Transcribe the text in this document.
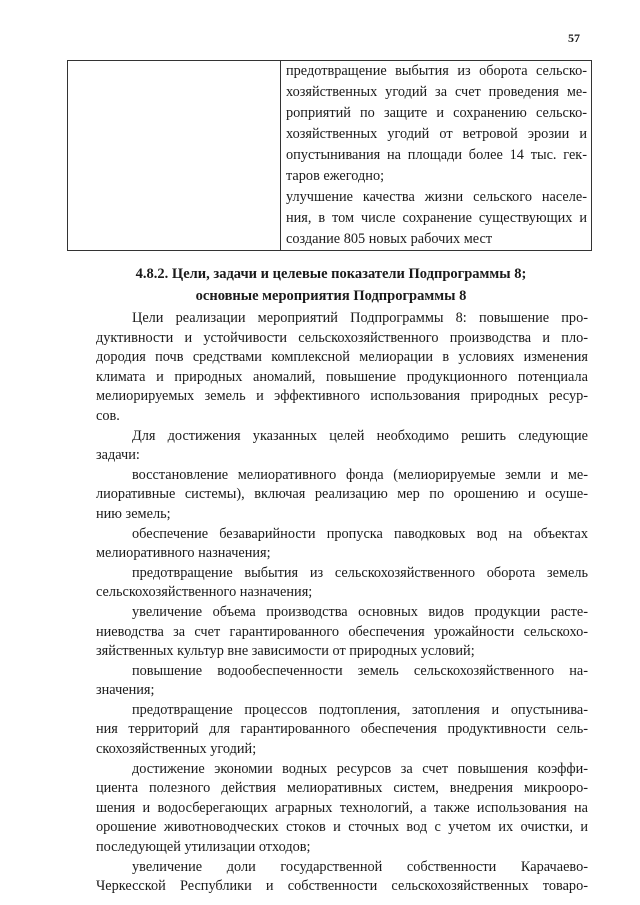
57

предотвращение выбытия из оборота сельско-
хозяйственных угодий за счет проведения ме-
роприятий по защите и сохранению сельско-
хозяйственных угодий от ветровой эрозии и
опустынивания на площади более 14 тыс. гек-
таров ежегодно;
улучшение качества жизни сельского населе-
ния, в том числе сохранение существующих и
создание 805 новых рабочих мест
4.8.2. Цели, задачи и целевые показатели Подпрограммы 8;
основные мероприятия Подпрограммы 8
Цели реализации мероприятий Подпрограммы 8: повышение про-
дуктивности и устойчивости сельскохозяйственного производства и пло-
дородия почв средствами комплексной мелиорации в условиях изменения
климата и природных аномалий, повышение продукционного потенциала
мелиорируемых земель и эффективного использования природных ресур-
сов.
Для достижения указанных целей необходимо решить следующие
задачи:
восстановление мелиоративного фонда (мелиорируемые земли и ме-
лиоративные системы), включая реализацию мер по орошению и осуше-
нию земель;
обеспечение безаварийности пропуска паводковых вод на объектах
мелиоративного назначения;
предотвращение выбытия из сельскохозяйственного оборота земель
сельскохозяйственного назначения;
увеличение объема производства основных видов продукции расте-
ниеводства за счет гарантированного обеспечения урожайности сельскохо-
зяйственных культур вне зависимости от природных условий;
повышение водообеспеченности земель сельскохозяйственного на-
значения;
предотвращение процессов подтопления, затопления и опустынива-
ния территорий для гарантированного обеспечения продуктивности сель-
скохозяйственных угодий;
достижение экономии водных ресурсов за счет повышения коэффи-
циента полезного действия мелиоративных систем, внедрения микрооро-
шения и водосберегающих аграрных технологий, а также использования на
орошение животноводческих стоков и сточных вод с учетом их очистки, и
последующей утилизации отходов;
увеличение доли государственной собственности Карачаево-
Черкесской Республики и собственности сельскохозяйственных товаро-
